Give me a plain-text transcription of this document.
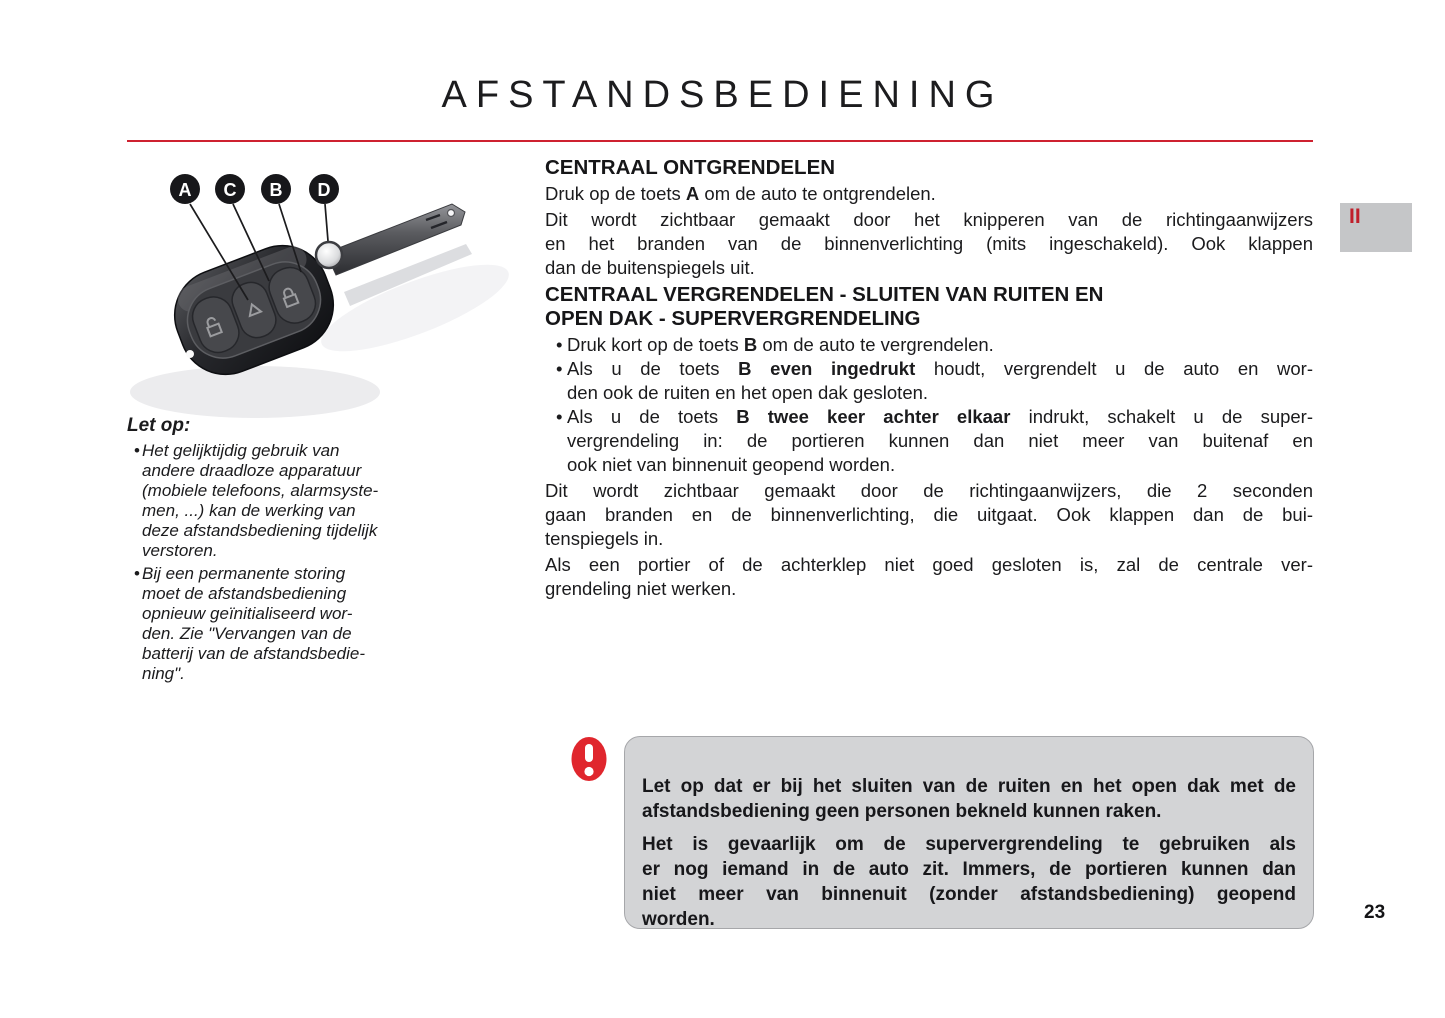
AFSTANDSBEDIENING
II
A C B D
Let op:
• Het gelijktijdig gebruik van
andere draadloze apparatuur
(mobiele telefoons, alarmsyste-
men, ...) kan de werking van
deze afstandsbediening tijdelijk
verstoren.
• Bij een permanente storing
moet de afstandsbediening
opnieuw geïnitialiseerd wor-
den. Zie "Vervangen van de
batterij van de afstandsbedie-
ning".
CENTRAAL ONTGRENDELEN
Druk op de toets A om de auto te ontgrendelen.
Dit wordt zichtbaar gemaakt door het knipperen van de richtingaanwijzers
en het branden van de binnenverlichting (mits ingeschakeld). Ook klappen
dan de buitenspiegels uit.
CENTRAAL VERGRENDELEN - SLUITEN VAN RUITEN EN
OPEN DAK - SUPERVERGRENDELING
• Druk kort op de toets B om de auto te vergrendelen.
• Als u de toets B even ingedrukt houdt, vergrendelt u de auto en wor-
den ook de ruiten en het open dak gesloten.
• Als u de toets B twee keer achter elkaar indrukt, schakelt u de super-
vergrendeling in: de portieren kunnen dan niet meer van buitenaf en
ook niet van binnenuit geopend worden.
Dit wordt zichtbaar gemaakt door de richtingaanwijzers, die 2 seconden
gaan branden en de binnenverlichting, die uitgaat. Ook klappen dan de bui-
tenspiegels in.
Als een portier of de achterklep niet goed gesloten is, zal de centrale ver-
grendeling niet werken.
Let op dat er bij het sluiten van de ruiten en het open dak met de
afstandsbediening geen personen bekneld kunnen raken.
Het is gevaarlijk om de supervergrendeling te gebruiken als
er nog iemand in de auto zit. Immers, de portieren kunnen dan
niet meer van binnenuit (zonder afstandsbediening) geopend
worden.	23
